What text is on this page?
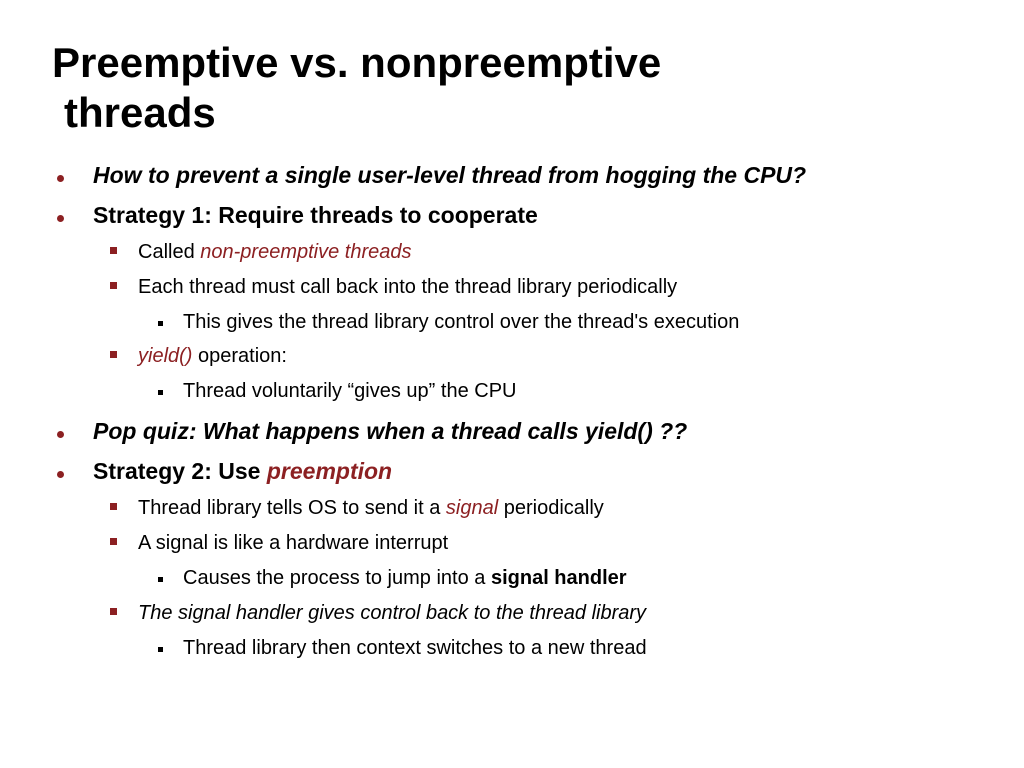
Preemptive vs. nonpreemptive
threads
How to prevent a single user-level thread from hogging the CPU?
Strategy 1: Require threads to cooperate
Called non-preemptive threads
Each thread must call back into the thread library periodically
This gives the thread library control over the thread's execution
yield() operation:
Thread voluntarily “gives up” the CPU
Pop quiz: What happens when a thread calls yield() ??
Strategy 2: Use preemption
Thread library tells OS to send it a signal periodically
A signal is like a hardware interrupt
Causes the process to jump into a signal handler
The signal handler gives control back to the thread library
Thread library then context switches to a new thread
